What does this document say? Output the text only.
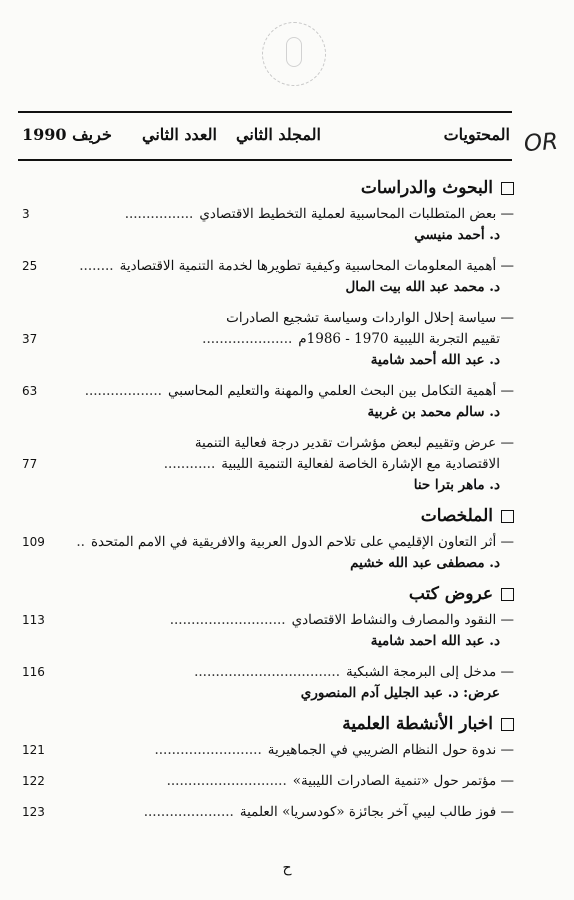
OR
المحتويات
المجلد الثاني
العدد الثاني
خريف 1990
البحوث والدراسات
— بعض المتطلبات المحاسبية لعملية التخطيط الاقتصادي................
3
د. أحمد منيسي
— أهمية المعلومات المحاسبية وكيفية تطويرها لخدمة التنمية الاقتصادية........
25
د. محمد عبد الله بيت المال
— سياسة إحلال الواردات وسياسة تشجيع الصادرات
تقييم التجربة الليبية 1970 - 1986م.....................
37
د. عبد الله أحمد شامية
— أهمية التكامل بين البحث العلمي والمهنة والتعليم المحاسبي..................
63
د. سالم محمد بن غربية
— عرض وتقييم لبعض مؤشرات تقدير درجة فعالية التنمية
الاقتصادية مع الإشارة الخاصة لفعالية التنمية الليبية............
77
د. ماهر بترا حنا
الملخصات
— أثر التعاون الإقليمي على تلاحم الدول العربية والافريقية في الامم المتحدة..
109
د. مصطفى عبد الله خشيم
عروض كتب
— النقود والمصارف والنشاط الاقتصادي...........................
113
د. عبد الله احمد شامية
— مدخل إلى البرمجة الشبكية..................................
116
عرض: د. عبد الجليل آدم المنصوري
اخبار الأنشطة العلمية
— ندوة حول النظام الضريبي في الجماهيرية.........................
121
— مؤتمر حول «تنمية الصادرات الليبية»............................
122
— فوز طالب ليبي آخر بجائزة «كودسريا» العلمية.....................
123
ح
